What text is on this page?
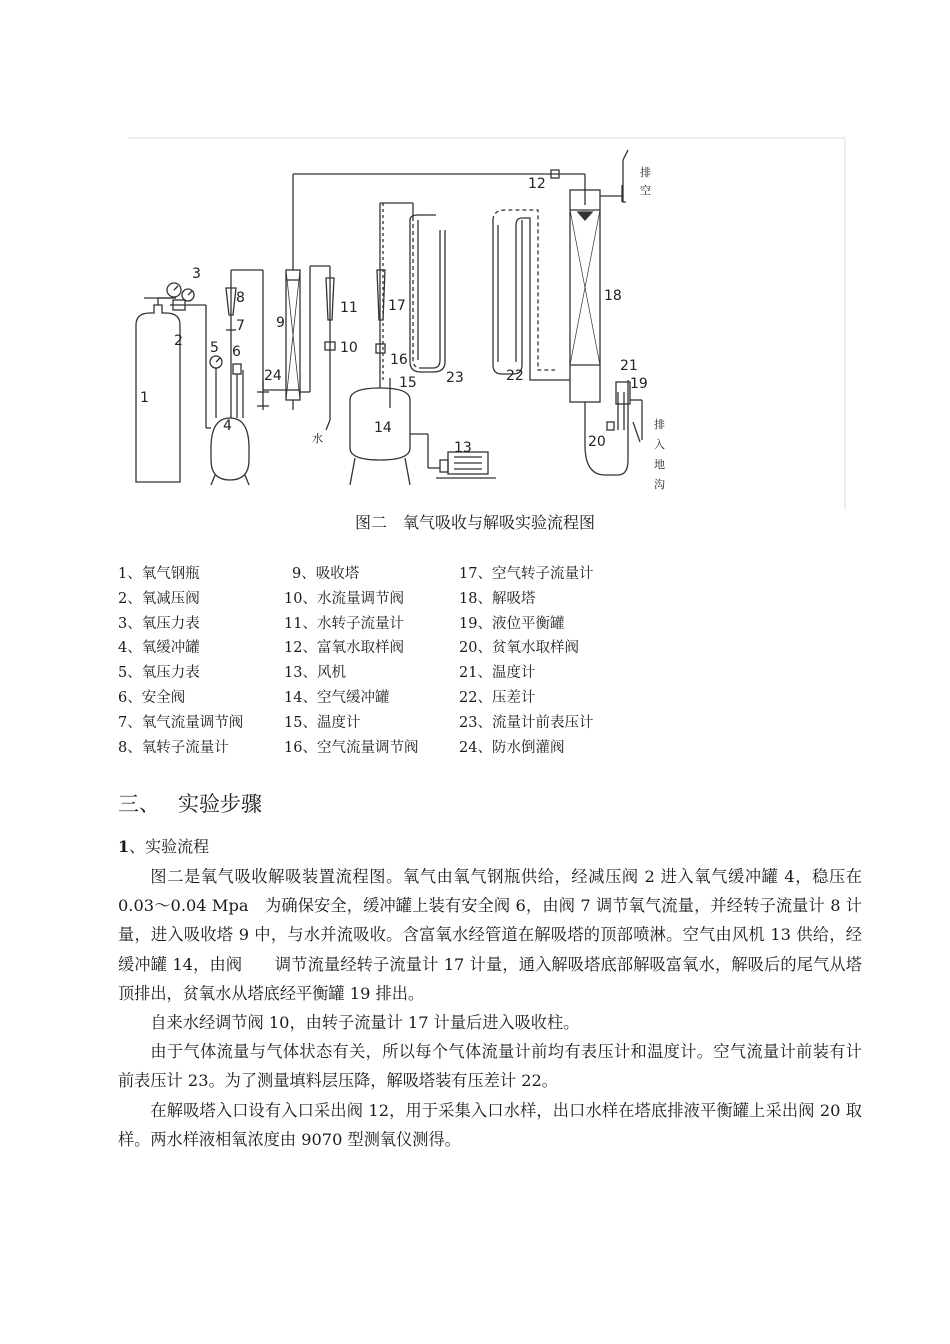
1
2
3
4
5 6
7
8
9
10
11
12
13
14
15
16
17
18
19
20
21
22
23
24
水
排
空
排
入
地
沟
图二　氧气吸收与解吸实验流程图
1、氧气钢瓶
2、氧减压阀
3、氧压力表
4、氧缓冲罐
5、氧压力表
6、安全阀
7、氧气流量调节阀
8、氧转子流量计
9、吸收塔
10、水流量调节阀
11、水转子流量计
12、富氧水取样阀
13、风机
14、空气缓冲罐
15、温度计
16、空气流量调节阀
17、空气转子流量计
18、解吸塔
19、液位平衡罐
20、贫氧水取样阀
21、温度计
22、压差计
23、流量计前表压计
24、防水倒灌阀
三、 实验步骤
1、实验流程

图二是氧气吸收解吸装置流程图。氧气由氧气钢瓶供给，经减压阀 2 进入氧气缓冲罐 4，稳压在 0.03～0.04 Mpa　为确保安全，缓冲罐上装有安全阀 6，由阀 7 调节氧气流量，并经转子流量计 8 计量，进入吸收塔 9 中，与水并流吸收。含富氧水经管道在解吸塔的顶部喷淋。空气由风机 13 供给，经缓冲罐 14，由阀　　调节流量经转子流量计 17 计量，通入解吸塔底部解吸富氧水，解吸后的尾气从塔顶排出，贫氧水从塔底经平衡罐 19 排出。

自来水经调节阀 10，由转子流量计 17 计量后进入吸收柱。

由于气体流量与气体状态有关，所以每个气体流量计前均有表压计和温度计。空气流量计前装有计前表压计 23。为了测量填料层压降，解吸塔装有压差计 22。

在解吸塔入口设有入口采出阀 12，用于采集入口水样，出口水样在塔底排液平衡罐上采出阀 20 取样。两水样液相氧浓度由 9070 型测氧仪测得。
